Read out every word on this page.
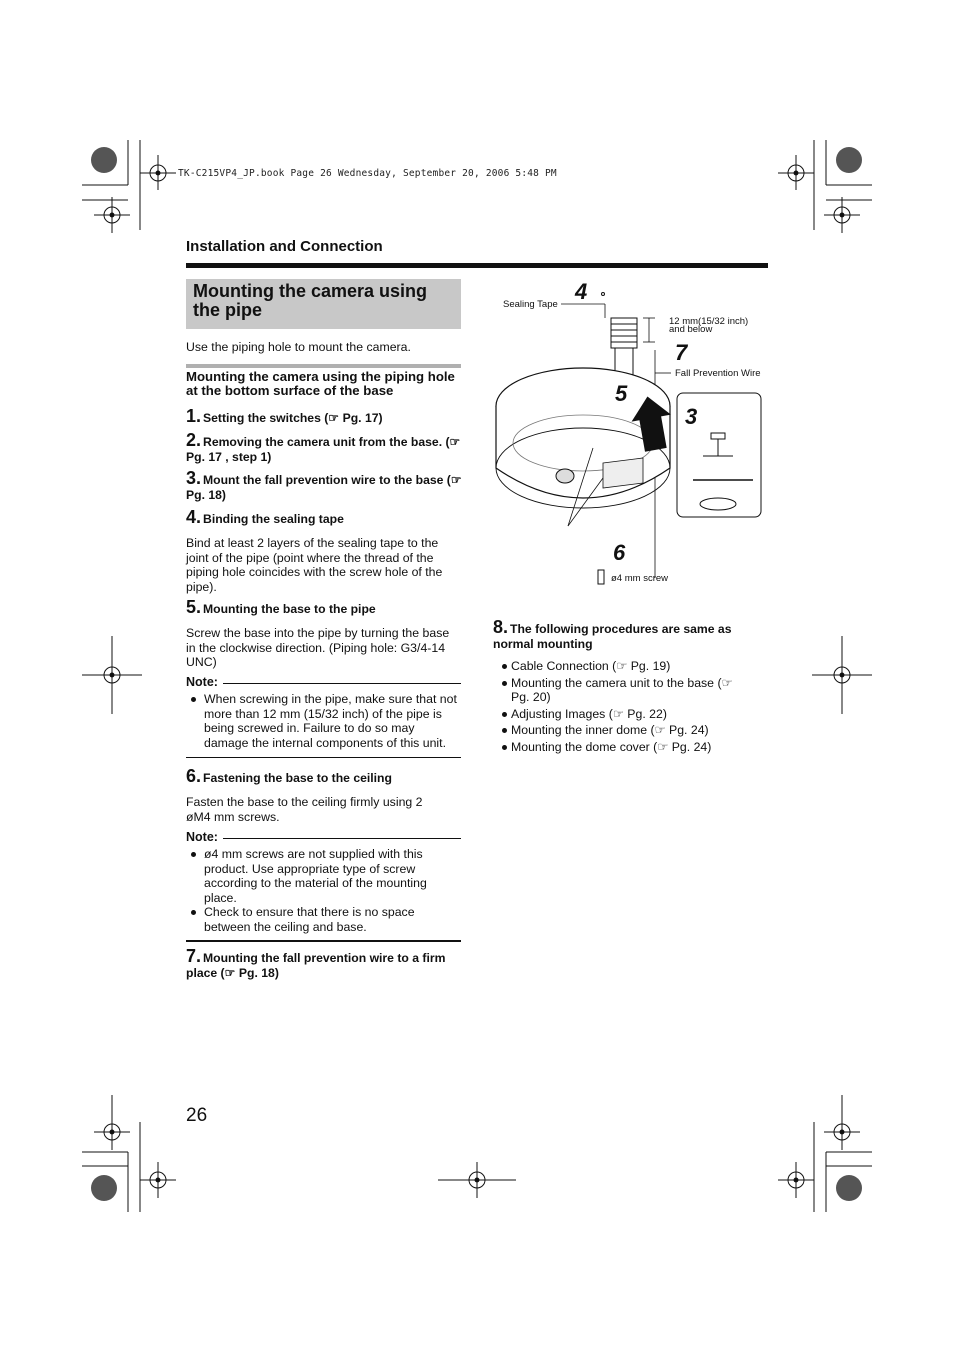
TK-C215VP4_JP.book Page 26 Wednesday, September 20, 2006 5:48 PM
Installation and Connection
Mounting the camera using the pipe
Use the piping hole to mount the camera.
Mounting the camera using the piping hole at the bottom surface of the base
1. Setting the switches (☞ Pg. 17)
2. Removing the camera unit from the base. (☞ Pg. 17 , step 1)
3. Mount the fall prevention wire to the base (☞ Pg. 18)
4. Binding the sealing tape
Bind at least 2 layers of the sealing tape to the joint of the pipe (point where the thread of the piping hole coincides with the screw hole of the pipe).
5. Mounting the base to the pipe
Screw the base into the pipe by turning the base in the clockwise direction. (Piping hole: G3/4-14 UNC)
Note:
When screwing in the pipe, make sure that not more than 12 mm (15/32 inch) of the pipe is being screwed in. Failure to do so may damage the internal components of this unit.
6. Fastening the base to the ceiling
Fasten the base to the ceiling firmly using 2 øM4 mm screws.
Note:
ø4 mm screws are not supplied with this product. Use appropriate type of screw according to the material of the mounting place.
Check to ensure that there is no space between the ceiling and base.
7. Mounting the fall prevention wire to a firm place (☞ Pg. 18)
Sealing Tape
4
12 mm(15/32 inch)
and below
7
Fall Prevention Wire
5
3
6
ø4 mm screw
8. The following procedures are same as normal mounting
Cable Connection (☞ Pg. 19)
Mounting the camera unit to the base (☞ Pg. 20)
Adjusting Images (☞ Pg. 22)
Mounting the inner dome (☞ Pg. 24)
Mounting the dome cover (☞ Pg. 24)
26
